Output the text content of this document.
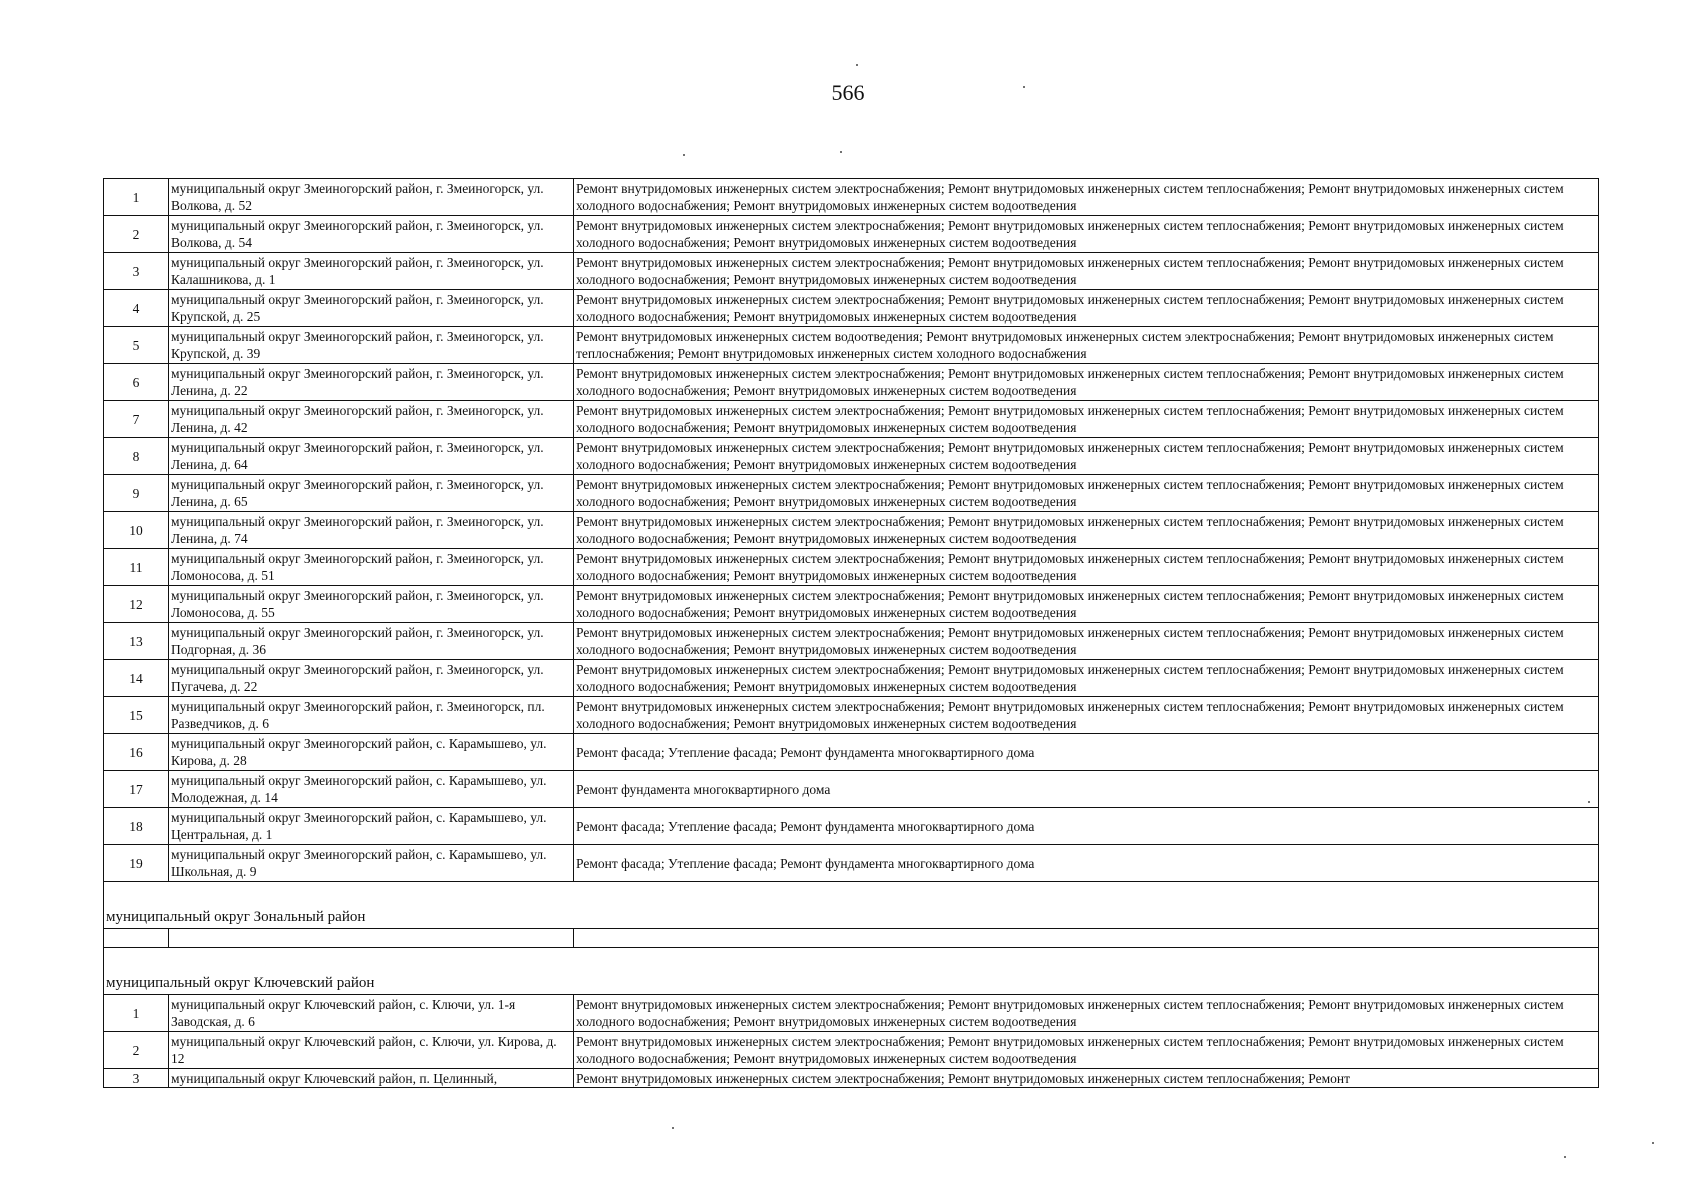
566
1	муниципальный округ Змеиногорский район, г. Змеиногорск, ул. Волкова, д. 52	Ремонт внутридомовых инженерных систем электроснабжения; Ремонт внутридомовых инженерных систем теплоснабжения; Ремонт внутридомовых инженерных систем холодного водоснабжения; Ремонт внутридомовых инженерных систем водоотведения
2	муниципальный округ Змеиногорский район, г. Змеиногорск, ул. Волкова, д. 54	Ремонт внутридомовых инженерных систем электроснабжения; Ремонт внутридомовых инженерных систем теплоснабжения; Ремонт внутридомовых инженерных систем холодного водоснабжения; Ремонт внутридомовых инженерных систем водоотведения
3	муниципальный округ Змеиногорский район, г. Змеиногорск, ул. Калашникова, д. 1	Ремонт внутридомовых инженерных систем электроснабжения; Ремонт внутридомовых инженерных систем теплоснабжения; Ремонт внутридомовых инженерных систем холодного водоснабжения; Ремонт внутридомовых инженерных систем водоотведения
4	муниципальный округ Змеиногорский район, г. Змеиногорск, ул. Крупской, д. 25	Ремонт внутридомовых инженерных систем электроснабжения; Ремонт внутридомовых инженерных систем теплоснабжения; Ремонт внутридомовых инженерных систем холодного водоснабжения; Ремонт внутридомовых инженерных систем водоотведения
5	муниципальный округ Змеиногорский район, г. Змеиногорск, ул. Крупской, д. 39	Ремонт внутридомовых инженерных систем водоотведения; Ремонт внутридомовых инженерных систем электроснабжения; Ремонт внутридомовых инженерных систем теплоснабжения; Ремонт внутридомовых инженерных систем холодного водоснабжения
6	муниципальный округ Змеиногорский район, г. Змеиногорск, ул. Ленина, д. 22	Ремонт внутридомовых инженерных систем электроснабжения; Ремонт внутридомовых инженерных систем теплоснабжения; Ремонт внутридомовых инженерных систем холодного водоснабжения; Ремонт внутридомовых инженерных систем водоотведения
7	муниципальный округ Змеиногорский район, г. Змеиногорск, ул. Ленина, д. 42	Ремонт внутридомовых инженерных систем электроснабжения; Ремонт внутридомовых инженерных систем теплоснабжения; Ремонт внутридомовых инженерных систем холодного водоснабжения; Ремонт внутридомовых инженерных систем водоотведения
8	муниципальный округ Змеиногорский район, г. Змеиногорск, ул. Ленина, д. 64	Ремонт внутридомовых инженерных систем электроснабжения; Ремонт внутридомовых инженерных систем теплоснабжения; Ремонт внутридомовых инженерных систем холодного водоснабжения; Ремонт внутридомовых инженерных систем водоотведения
9	муниципальный округ Змеиногорский район, г. Змеиногорск, ул. Ленина, д. 65	Ремонт внутридомовых инженерных систем электроснабжения; Ремонт внутридомовых инженерных систем теплоснабжения; Ремонт внутридомовых инженерных систем холодного водоснабжения; Ремонт внутридомовых инженерных систем водоотведения
10	муниципальный округ Змеиногорский район, г. Змеиногорск, ул. Ленина, д. 74	Ремонт внутридомовых инженерных систем электроснабжения; Ремонт внутридомовых инженерных систем теплоснабжения; Ремонт внутридомовых инженерных систем холодного водоснабжения; Ремонт внутридомовых инженерных систем водоотведения
11	муниципальный округ Змеиногорский район, г. Змеиногорск, ул. Ломоносова, д. 51	Ремонт внутридомовых инженерных систем электроснабжения; Ремонт внутридомовых инженерных систем теплоснабжения; Ремонт внутридомовых инженерных систем холодного водоснабжения; Ремонт внутридомовых инженерных систем водоотведения
12	муниципальный округ Змеиногорский район, г. Змеиногорск, ул. Ломоносова, д. 55	Ремонт внутридомовых инженерных систем электроснабжения; Ремонт внутридомовых инженерных систем теплоснабжения; Ремонт внутридомовых инженерных систем холодного водоснабжения; Ремонт внутридомовых инженерных систем водоотведения
13	муниципальный округ Змеиногорский район, г. Змеиногорск, ул. Подгорная, д. 36	Ремонт внутридомовых инженерных систем электроснабжения; Ремонт внутридомовых инженерных систем теплоснабжения; Ремонт внутридомовых инженерных систем холодного водоснабжения; Ремонт внутридомовых инженерных систем водоотведения
14	муниципальный округ Змеиногорский район, г. Змеиногорск, ул. Пугачева, д. 22	Ремонт внутридомовых инженерных систем электроснабжения; Ремонт внутридомовых инженерных систем теплоснабжения; Ремонт внутридомовых инженерных систем холодного водоснабжения; Ремонт внутридомовых инженерных систем водоотведения
15	муниципальный округ Змеиногорский район, г. Змеиногорск, пл. Разведчиков, д. 6	Ремонт внутридомовых инженерных систем электроснабжения; Ремонт внутридомовых инженерных систем теплоснабжения; Ремонт внутридомовых инженерных систем холодного водоснабжения; Ремонт внутридомовых инженерных систем водоотведения
16	муниципальный округ Змеиногорский район, с. Карамышево, ул. Кирова, д. 28	Ремонт фасада; Утепление фасада; Ремонт фундамента многоквартирного дома
17	муниципальный округ Змеиногорский район, с. Карамышево, ул. Молодежная, д. 14	Ремонт фундамента многоквартирного дома
18	муниципальный округ Змеиногорский район, с. Карамышево, ул. Центральная, д. 1	Ремонт фасада; Утепление фасада; Ремонт фундамента многоквартирного дома
19	муниципальный округ Змеиногорский район, с. Карамышево, ул. Школьная, д. 9	Ремонт фасада; Утепление фасада; Ремонт фундамента многоквартирного дома
муниципальный округ Зональный район		

муниципальный округ Ключевский район		
1	муниципальный округ Ключевский район, с. Ключи, ул. 1-я Заводская, д. 6	Ремонт внутридомовых инженерных систем электроснабжения; Ремонт внутридомовых инженерных систем теплоснабжения; Ремонт внутридомовых инженерных систем холодного водоснабжения; Ремонт внутридомовых инженерных систем водоотведения
2	муниципальный округ Ключевский район, с. Ключи, ул. Кирова, д. 12	Ремонт внутридомовых инженерных систем электроснабжения; Ремонт внутридомовых инженерных систем теплоснабжения; Ремонт внутридомовых инженерных систем холодного водоснабжения; Ремонт внутридомовых инженерных систем водоотведения
3	муниципальный округ Ключевский район, п. Целинный,	Ремонт внутридомовых инженерных систем электроснабжения; Ремонт внутридомовых инженерных систем теплоснабжения; Ремонт
